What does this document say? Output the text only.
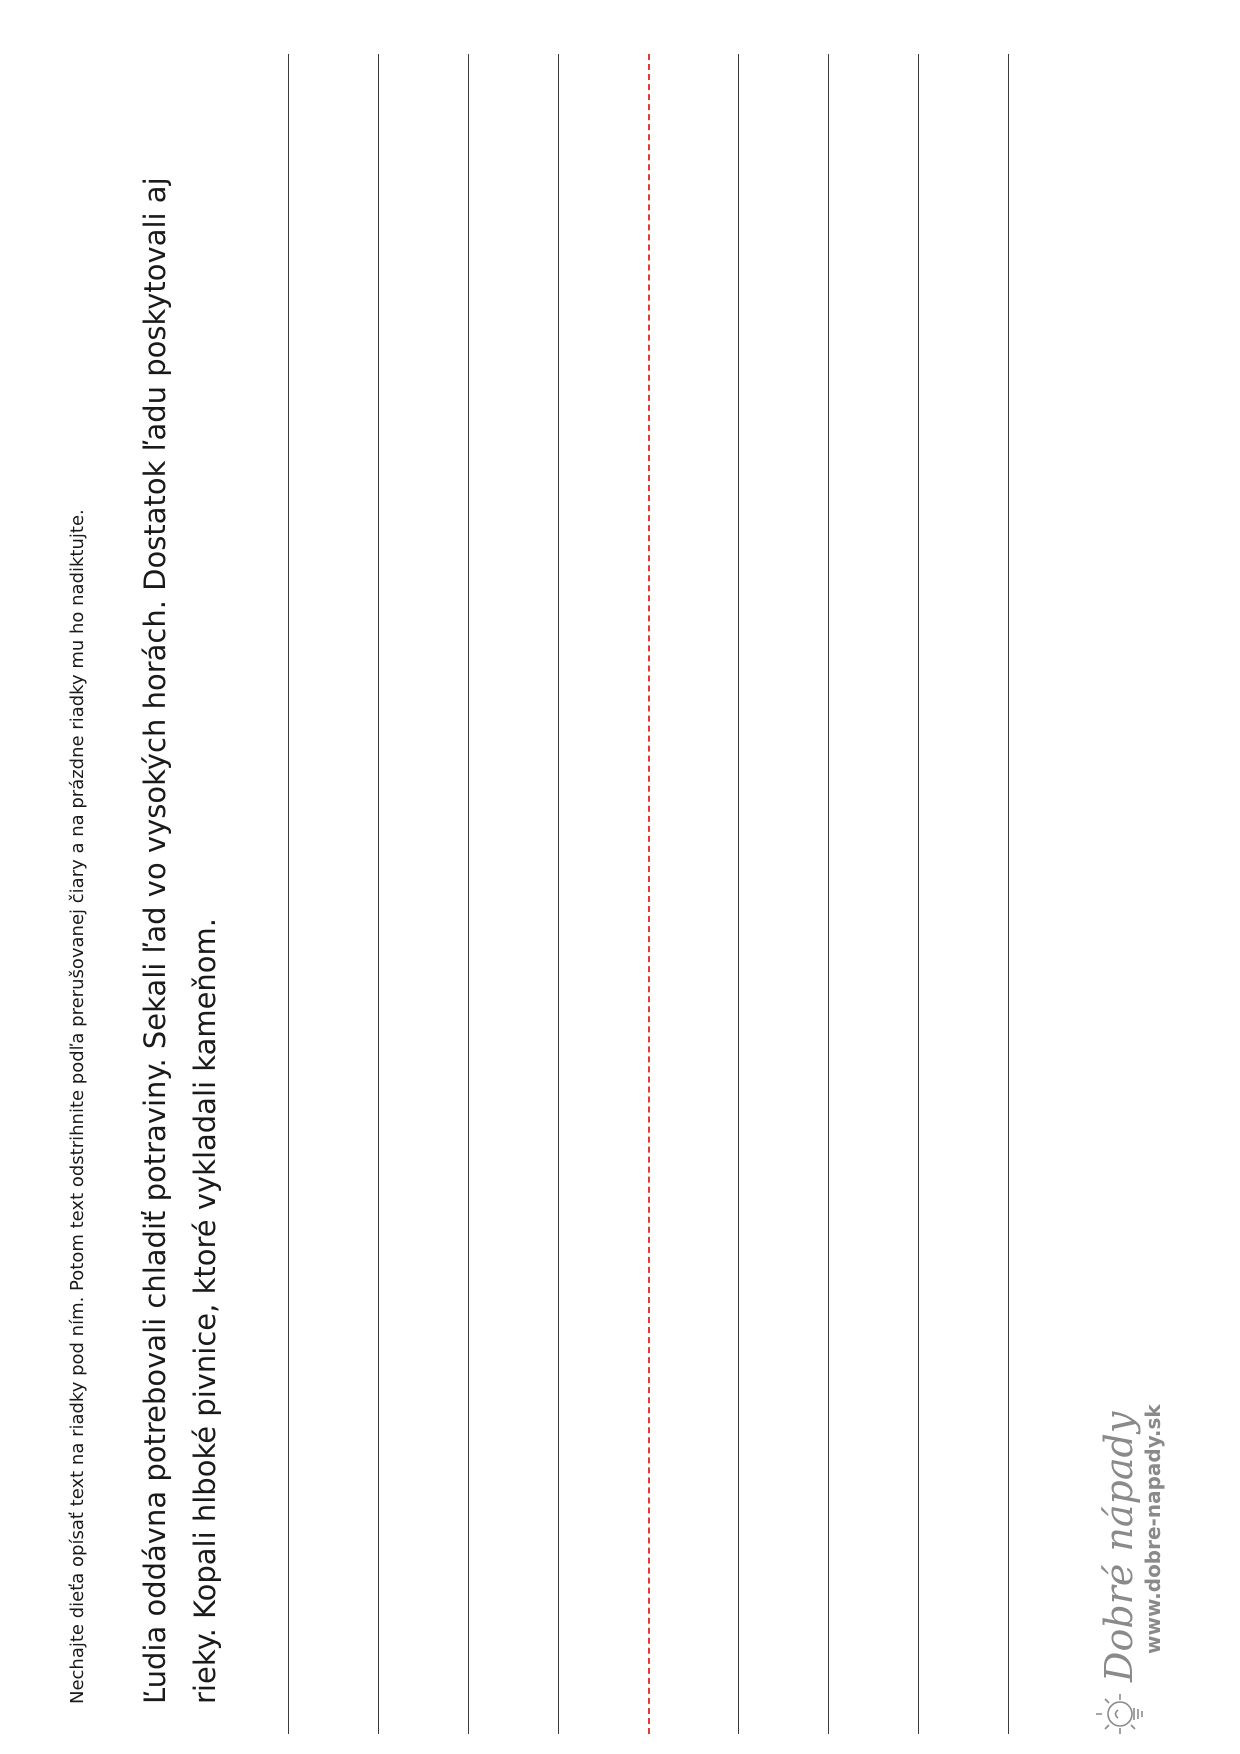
Nechajte dieťa opísať text na riadky pod ním. Potom text odstrihnite podľa prerušovanej čiary a na prázdne riadky mu ho nadiktujte. Ľudia oddávna potrebovali chladiť potraviny. Sekali ľad vo vysokých horách. Dostatok ľadu poskytovali aj rieky. Kopali hlboké pivnice, ktoré vykladali kameňom.	Dobré nápady www.dobre-napady.sk
